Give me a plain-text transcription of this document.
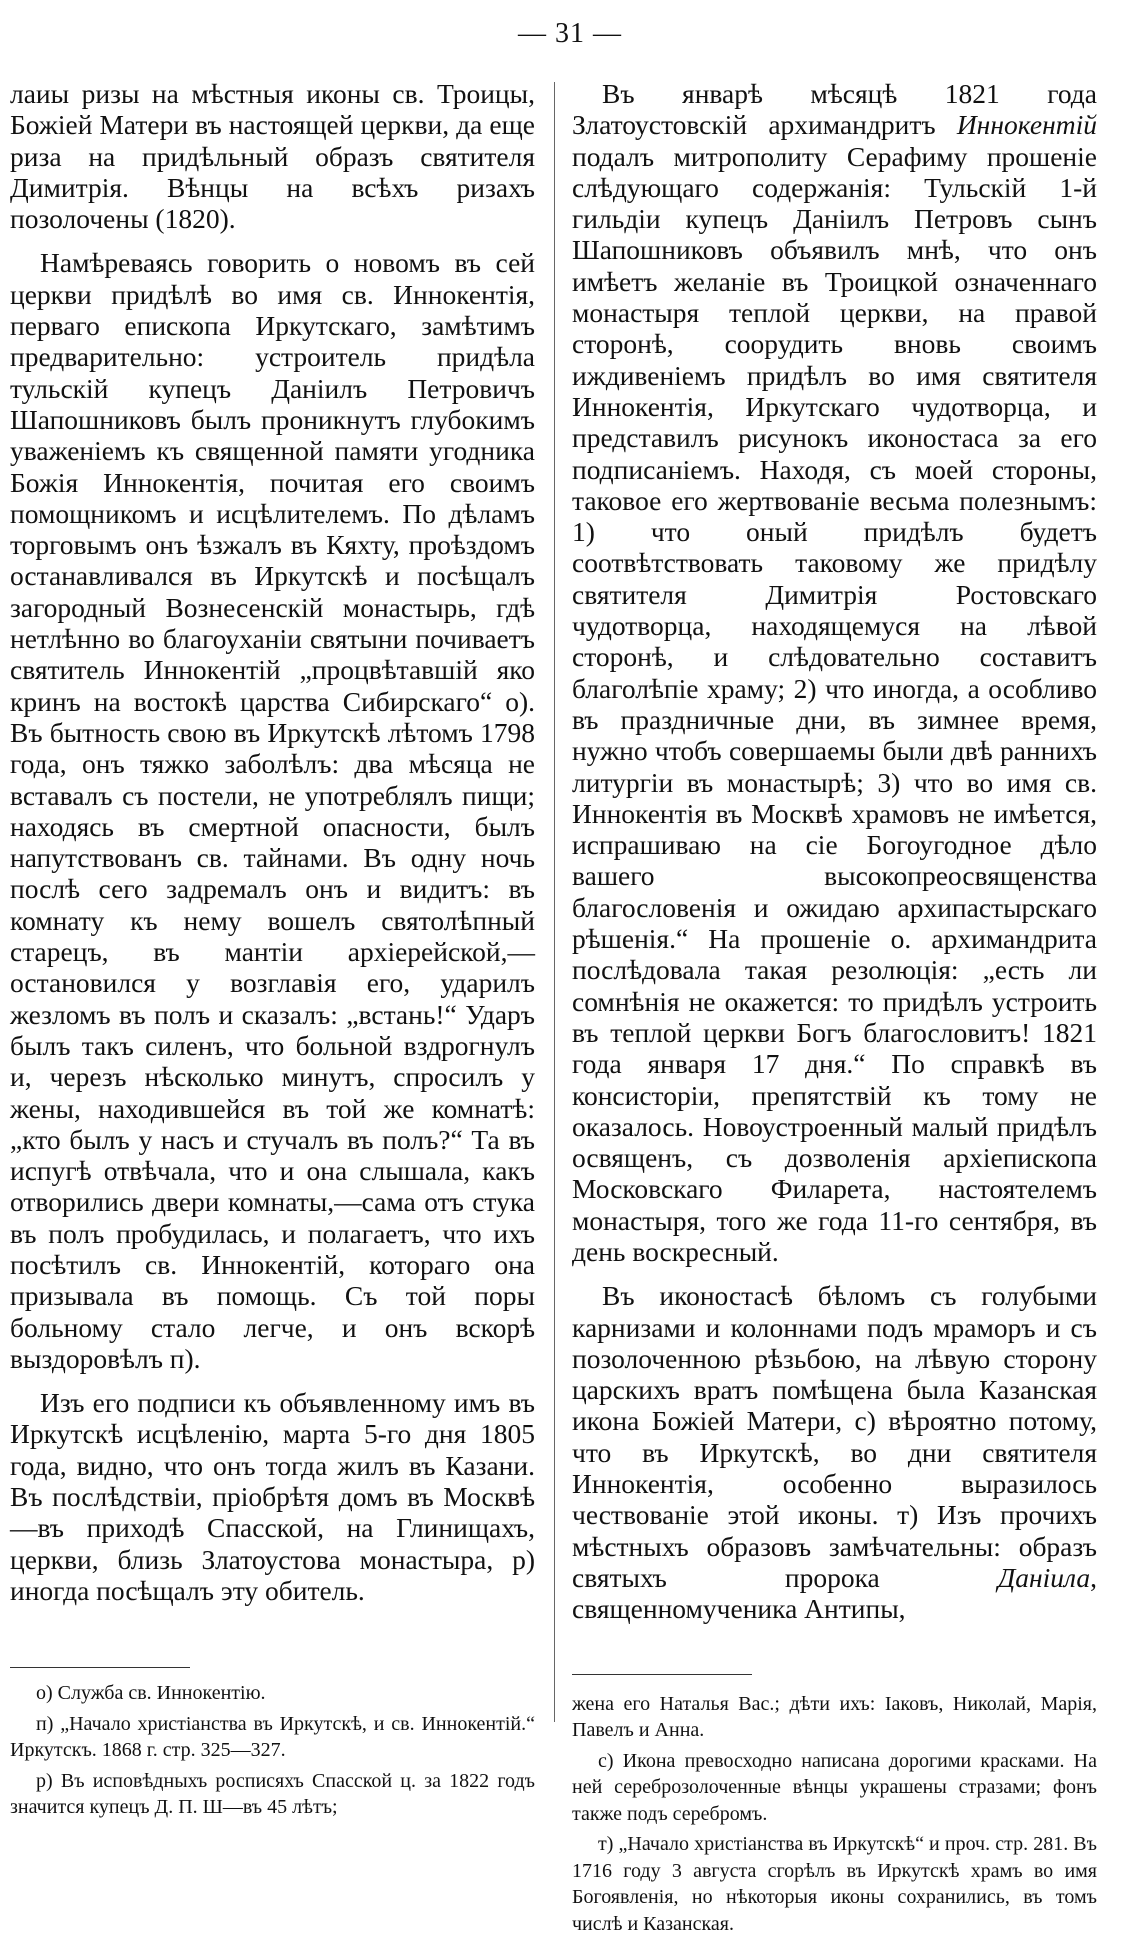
— 31 —

лаиы ризы на мѣстныя иконы св. Троицы, Божіей Матери въ настоящей церкви, да еще риза на придѣльный образъ святителя Димитрія. Вѣнцы на всѣхъ ризахъ позолочены (1820).

Намѣреваясь говорить о новомъ въ сей церкви придѣлѣ во имя св. Иннокентія, перваго епископа Иркутскаго, замѣтимъ предварительно: устроитель придѣла тульскій купецъ Даніилъ Петровичъ Шапошниковъ былъ проникнутъ глубокимъ уваженіемъ къ священной памяти угодника Божія Иннокентія, почитая его своимъ помощникомъ и исцѣлителемъ. По дѣламъ торговымъ онъ ѣзжалъ въ Кяхту, проѣздомъ останавливался въ Иркутскѣ и посѣщалъ загородный Вознесенскій монастырь, гдѣ нетлѣнно во благоуханіи святыни почиваетъ святитель Иннокентій „процвѣтавшій яко кринъ на востокѣ царства Сибирскаго“ о). Въ бытность свою въ Иркутскѣ лѣтомъ 1798 года, онъ тяжко заболѣлъ: два мѣсяца не вставалъ съ постели, не употреблялъ пищи; находясь въ смертной опасности, былъ напутствованъ св. тайнами. Въ одну ночь послѣ сего задремалъ онъ и видитъ: въ комнату къ нему вошелъ святолѣпный старецъ, въ мантіи архіерейской,—остановился у возглавія его, ударилъ жезломъ въ полъ и сказалъ: „встань!“ Ударъ былъ такъ силенъ, что больной вздрогнулъ и, черезъ нѣсколько минутъ, спросилъ у жены, находившейся въ той же комнатѣ: „кто былъ у насъ и стучалъ въ полъ?“ Та въ испугѣ отвѣчала, что и она слышала, какъ отворились двери комнаты,—сама отъ стука въ полъ пробудилась, и полагаетъ, что ихъ посѣтилъ св. Иннокентій, котораго она призывала въ помощь. Съ той поры больному стало легче, и онъ вскорѣ выздоровѣлъ п).

Изъ его подписи къ объявленному имъ въ Иркутскѣ исцѣленію, марта 5-го дня 1805 года, видно, что онъ тогда жилъ въ Казани. Въ послѣдствіи, пріобрѣтя домъ въ Москвѣ—въ приходѣ Спасской, на Глинищахъ, церкви, близь Златоустова монастыра, р) иногда посѣщалъ эту обитель.

о) Служба св. Иннокентію.

п) „Начало христіанства въ Иркутскѣ, и св. Иннокентій.“ Иркутскъ. 1868 г. стр. 325—327.

р) Въ исповѣдныхъ росписяхъ Спасской ц. за 1822 годъ значится купецъ Д. П. Ш—въ 45 лѣтъ;

Въ январѣ мѣсяцѣ 1821 года Златоустовскій архимандритъ Иннокентій подалъ митрополиту Серафиму прошеніе слѣдующаго содержанія: Тульскій 1-й гильдіи купецъ Даніилъ Петровъ сынъ Шапошниковъ объявилъ мнѣ, что онъ имѣетъ желаніе въ Троицкой означеннаго монастыря теплой церкви, на правой сторонѣ, соорудить вновь своимъ иждивеніемъ придѣлъ во имя святителя Иннокентія, Иркутскаго чудотворца, и представилъ рисунокъ иконостаса за его подписаніемъ. Находя, съ моей стороны, таковое его жертвованіе весьма полезнымъ: 1) что оный придѣлъ будетъ соотвѣтствовать таковому же придѣлу святителя Димитрія Ростовскаго чудотворца, находящемуся на лѣвой сторонѣ, и слѣдовательно составитъ благолѣпіе храму; 2) что иногда, а особливо въ праздничные дни, въ зимнее время, нужно чтобъ совершаемы были двѣ раннихъ литургіи въ монастырѣ; 3) что во имя св. Иннокентія въ Москвѣ храмовъ не имѣется, испрашиваю на сіе Богоугодное дѣло вашего высокопреосвященства благословенія и ожидаю архипастырскаго рѣшенія.“ На прошеніе о. архимандрита послѣдовала такая резолюція: „есть ли сомнѣнія не окажется: то придѣлъ устроить въ теплой церкви Богъ благословитъ! 1821 года января 17 дня.“ По справкѣ въ консисторіи, препятствій къ тому не оказалось. Новоустроенный малый придѣлъ освященъ, съ дозволенія архіепископа Московскаго Филарета, настоятелемъ монастыря, того же года 11-го сентября, въ день воскресный.

Въ иконостасѣ бѣломъ съ голубыми карнизами и колоннами подъ мраморъ и съ позолоченною рѣзьбою, на лѣвую сторону царскихъ вратъ помѣщена была Казанская икона Божіей Матери, с) вѣроятно потому, что въ Иркутскѣ, во дни святителя Иннокентія, особенно выразилось чествованіе этой иконы. т) Изъ прочихъ мѣстныхъ образовъ замѣчательны: образъ святыхъ пророка Даніила, священномученика Антипы,

жена его Наталья Вас.; дѣти ихъ: Іаковъ, Николай, Марія, Павелъ и Анна.

с) Икона превосходно написана дорогими красками. На ней сереброзолоченные вѣнцы украшены стразами; фонъ также подъ серебромъ.

т) „Начало христіанства въ Иркутскѣ“ и проч. стр. 281. Въ 1716 году 3 августа сгорѣлъ въ Иркутскѣ храмъ во имя Богоявленія, но нѣкоторыя иконы сохранились, въ томъ числѣ и Казанская.
